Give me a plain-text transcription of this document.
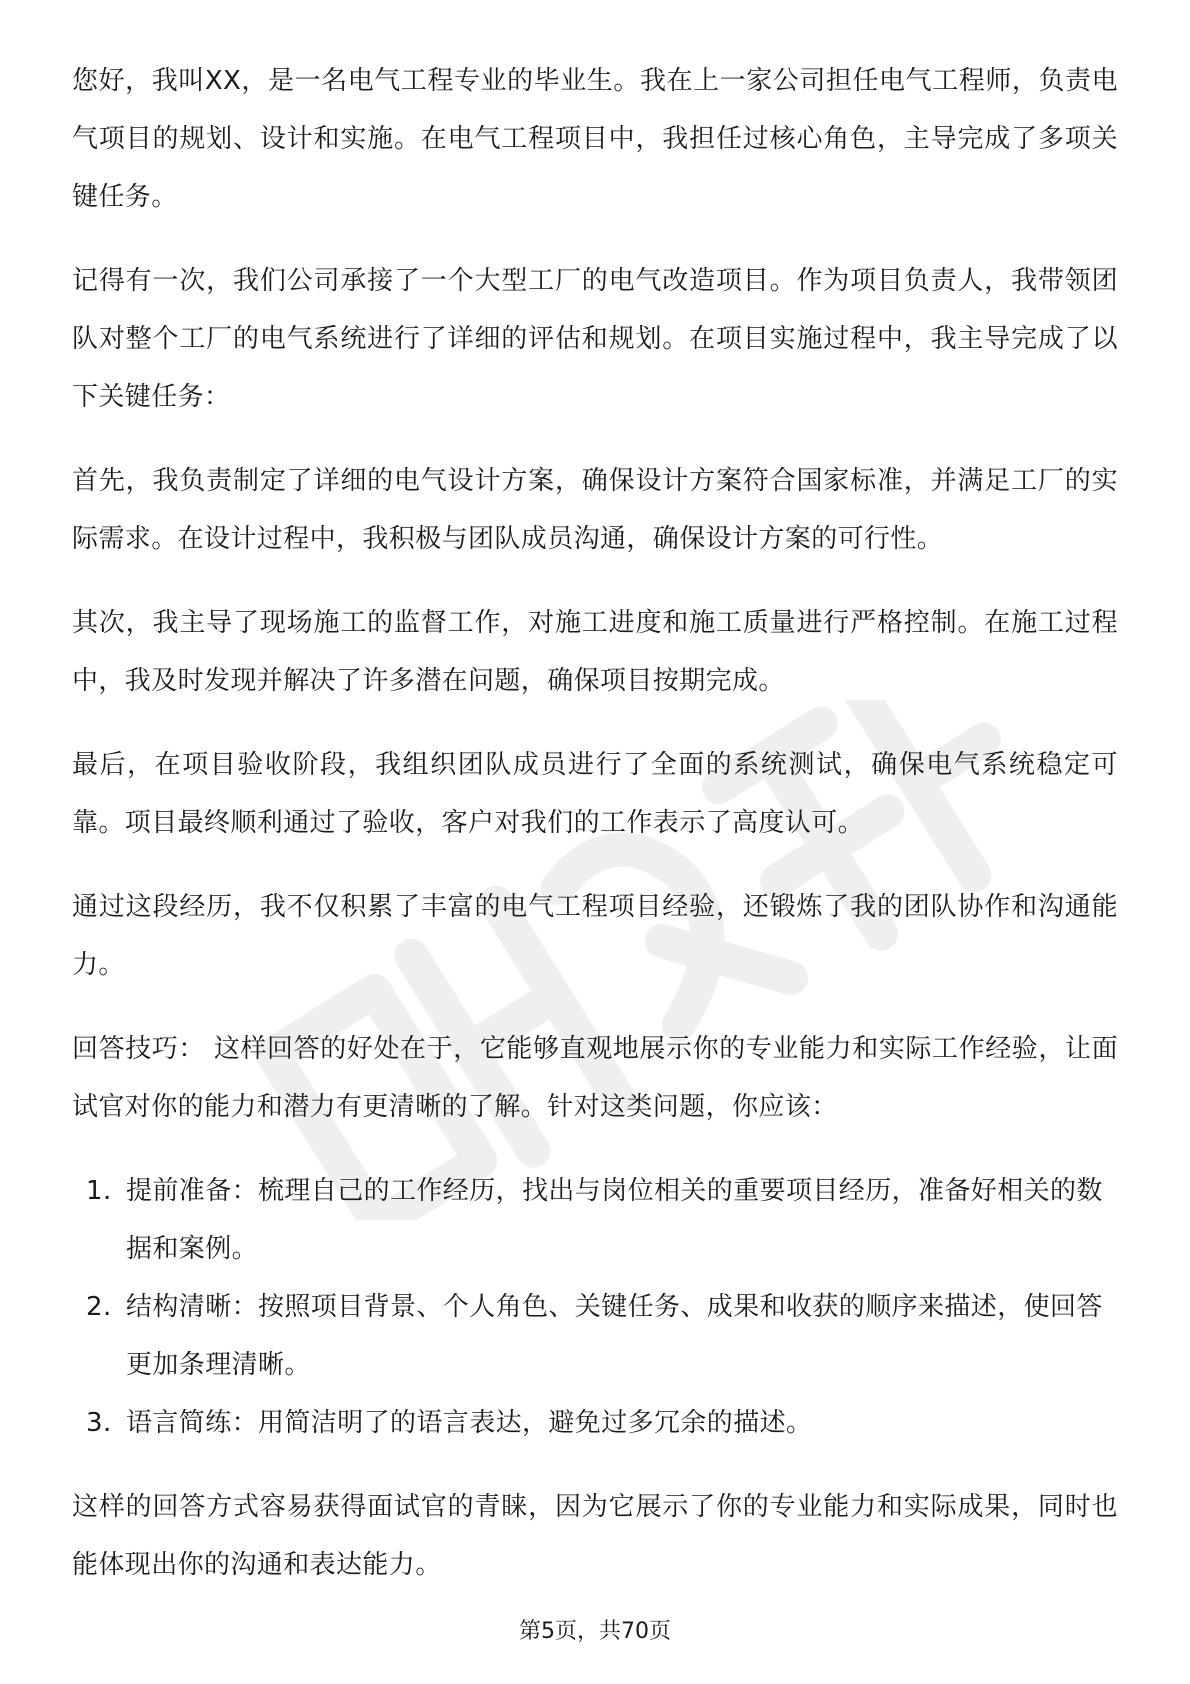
您好，我叫XX，是一名电气工程专业的毕业生。我在上一家公司担任电气工程师，负责电气项目的规划、设计和实施。在电气工程项目中，我担任过核心角色，主导完成了多项关键任务。

记得有一次，我们公司承接了一个大型工厂的电气改造项目。作为项目负责人，我带领团队对整个工厂的电气系统进行了详细的评估和规划。在项目实施过程中，我主导完成了以下关键任务：

首先，我负责制定了详细的电气设计方案，确保设计方案符合国家标准，并满足工厂的实际需求。在设计过程中，我积极与团队成员沟通，确保设计方案的可行性。

其次，我主导了现场施工的监督工作，对施工进度和施工质量进行严格控制。在施工过程中，我及时发现并解决了许多潜在问题，确保项目按期完成。

最后，在项目验收阶段，我组织团队成员进行了全面的系统测试，确保电气系统稳定可靠。项目最终顺利通过了验收，客户对我们的工作表示了高度认可。

通过这段经历，我不仅积累了丰富的电气工程项目经验，还锻炼了我的团队协作和沟通能力。

回答技巧： 这样回答的好处在于，它能够直观地展示你的专业能力和实际工作经验，让面试官对你的能力和潜力有更清晰的了解。针对这类问题，你应该：

1. 提前准备：梳理自己的工作经历，找出与岗位相关的重要项目经历，准备好相关的数据和案例。
2. 结构清晰：按照项目背景、个人角色、关键任务、成果和收获的顺序来描述，使回答更加条理清晰。
3. 语言简练：用简洁明了的语言表达，避免过多冗余的描述。

这样的回答方式容易获得面试官的青睐，因为它展示了你的专业能力和实际成果，同时也能体现出你的沟通和表达能力。

第5页，共70页
